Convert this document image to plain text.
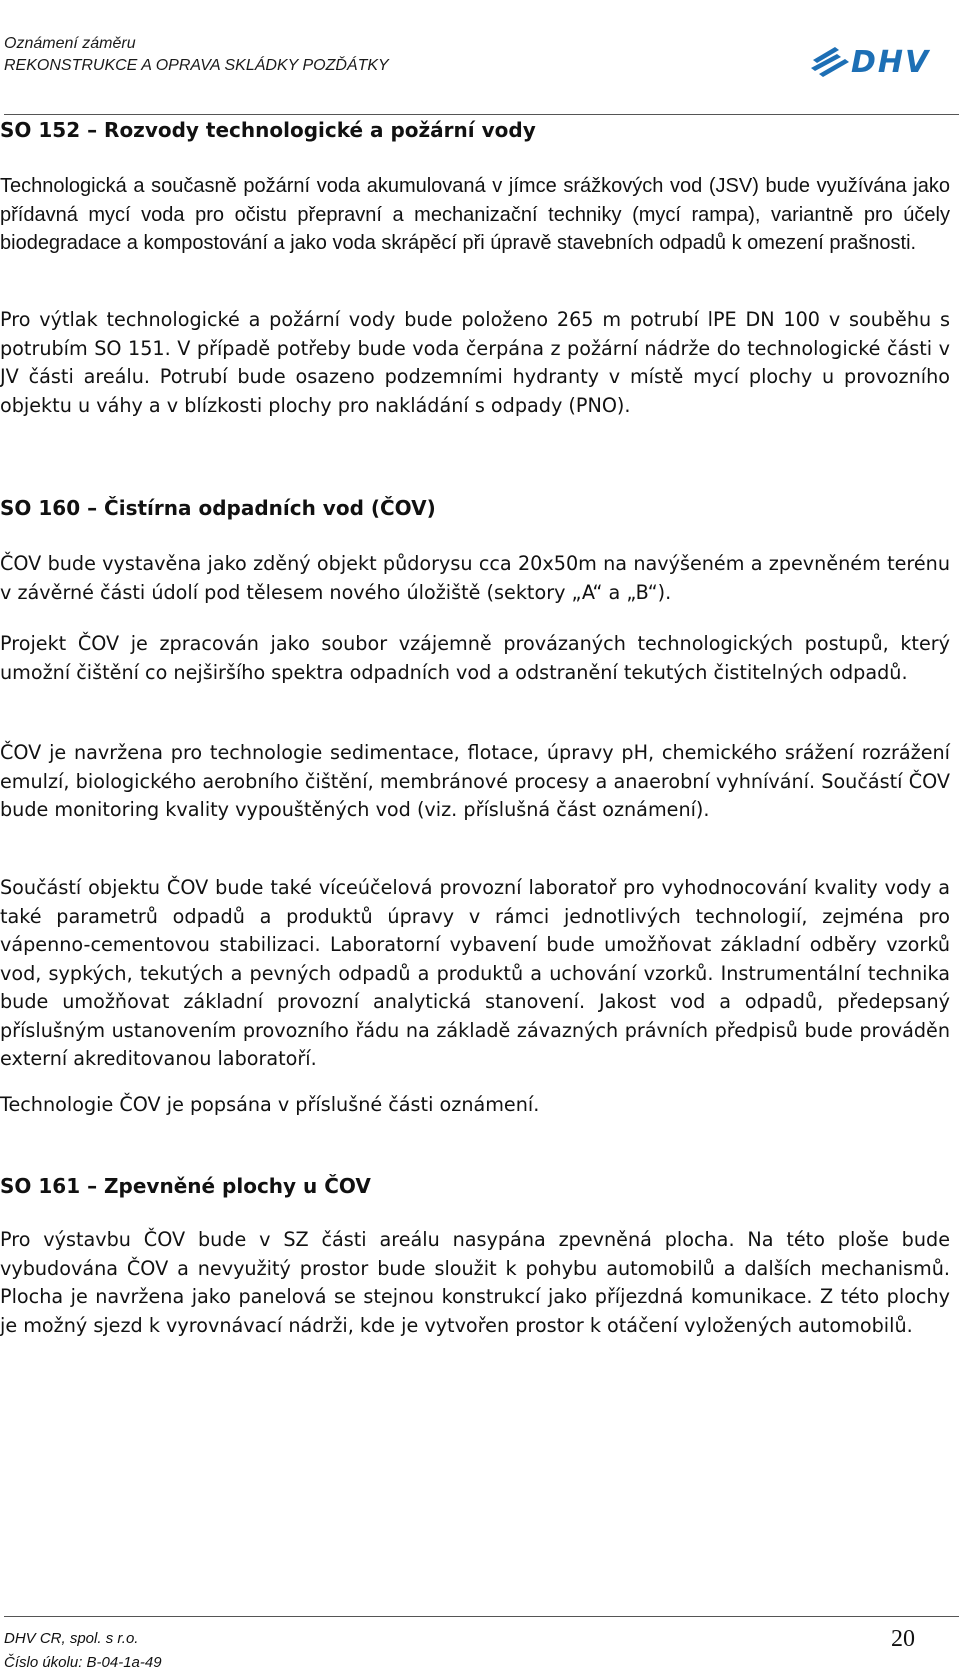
Oznámení záměru
REKONSTRUKCE A OPRAVA SKLÁDKY POZĎÁTKY	DHV
SO 152 – Rozvody technologické a požární vody

Technologická a současně požární voda akumulovaná v jímce srážkových vod (JSV) bude využívána jako přídavná mycí voda pro očistu přepravní a mechanizační techniky (mycí rampa), variantně pro účely biodegradace a kompostování a jako voda skrápěcí při úpravě stavebních odpadů k omezení prašnosti.

Pro výtlak technologické a požární vody bude položeno 265 m potrubí lPE DN 100 v souběhu s potrubím SO 151. V případě potřeby bude voda čerpána z požární nádrže do technologické části v JV části areálu. Potrubí bude osazeno podzemními hydranty v místě mycí plochy u provozního objektu u váhy a v blízkosti plochy pro nakládání s odpady (PNO).

SO 160 – Čistírna odpadních vod (ČOV)

ČOV bude vystavěna jako zděný objekt půdorysu cca 20x50m na navýšeném a zpevněném terénu v závěrné části údolí pod tělesem nového úložiště (sektory „A“ a „B“).

Projekt ČOV je zpracován jako soubor vzájemně provázaných technologických postupů, který umožní čištění co nejširšího spektra odpadních vod a odstranění tekutých čistitelných odpadů.

ČOV je navržena pro technologie sedimentace, flotace, úpravy pH, chemického srážení rozrážení emulzí, biologického aerobního čištění, membránové procesy a anaerobní vyhnívání. Součástí ČOV bude monitoring kvality vypouštěných vod (viz. příslušná část oznámení).

Součástí objektu ČOV bude také víceúčelová provozní laboratoř pro vyhodnocování kvality vody a také parametrů odpadů a produktů úpravy v rámci jednotlivých technologií, zejména pro vápenno-cementovou stabilizaci. Laboratorní vybavení bude umožňovat základní odběry vzorků vod, sypkých, tekutých a pevných odpadů a produktů a uchování vzorků. Instrumentální technika bude umožňovat základní provozní analytická stanovení. Jakost vod a odpadů, předepsaný příslušným ustanovením provozního řádu na základě závazných právních předpisů bude prováděn externí akreditovanou laboratoří.

Technologie ČOV je popsána v příslušné části oznámení.

SO 161 – Zpevněné plochy u ČOV

Pro výstavbu ČOV bude v SZ části areálu nasypána zpevněná plocha. Na této ploše bude vybudována ČOV a nevyužitý prostor bude sloužit k pohybu automobilů a dalších mechanismů. Plocha je navržena jako panelová se stejnou konstrukcí jako příjezdná komunikace. Z této plochy je možný sjezd k vyrovnávací nádrži, kde je vytvořen prostor k otáčení vyložených automobilů.

DHV CR, spol. s r.o.
Číslo úkolu: B-04-1a-49
20
